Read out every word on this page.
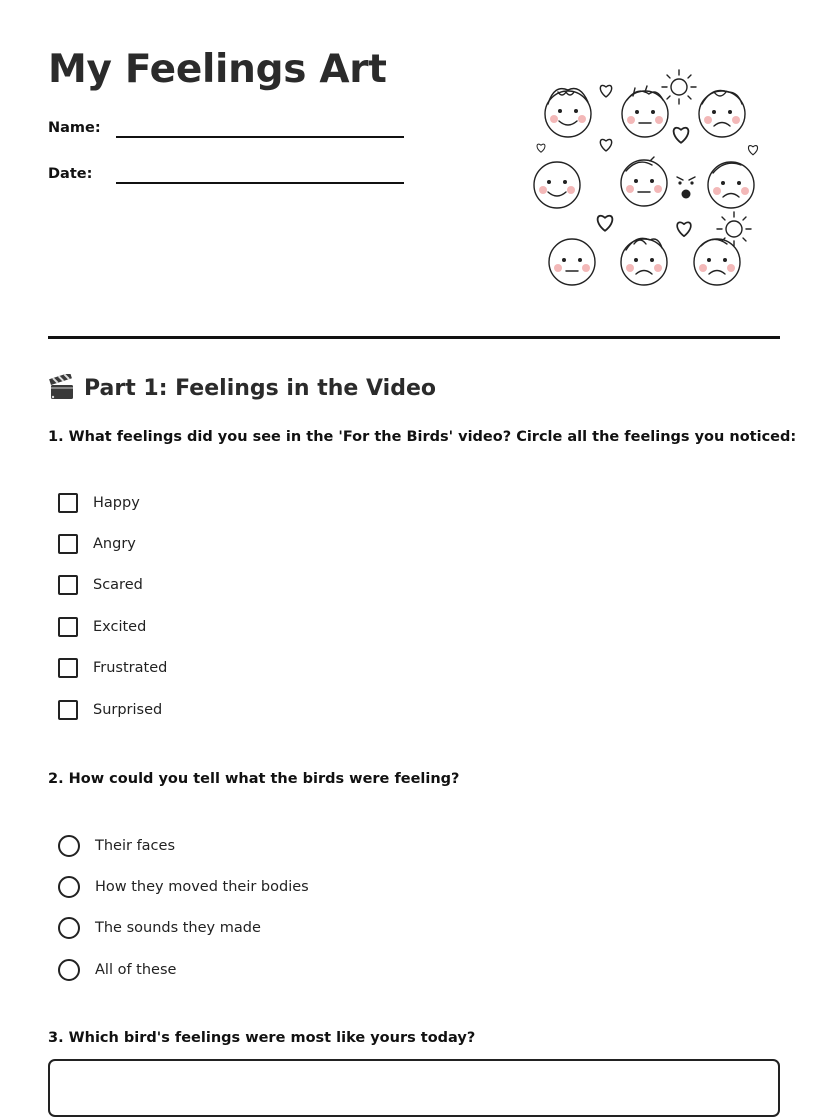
My Feelings Art
Name:
Date:
Part 1: Feelings in the Video

1. What feelings did you see in the 'For the Birds' video? Circle all the feelings you noticed:

Happy
Angry
Scared
Excited
Frustrated
Surprised

2. How could you tell what the birds were feeling?

Their faces
How they moved their bodies
The sounds they made
All of these

3. Which bird's feelings were most like yours today?
